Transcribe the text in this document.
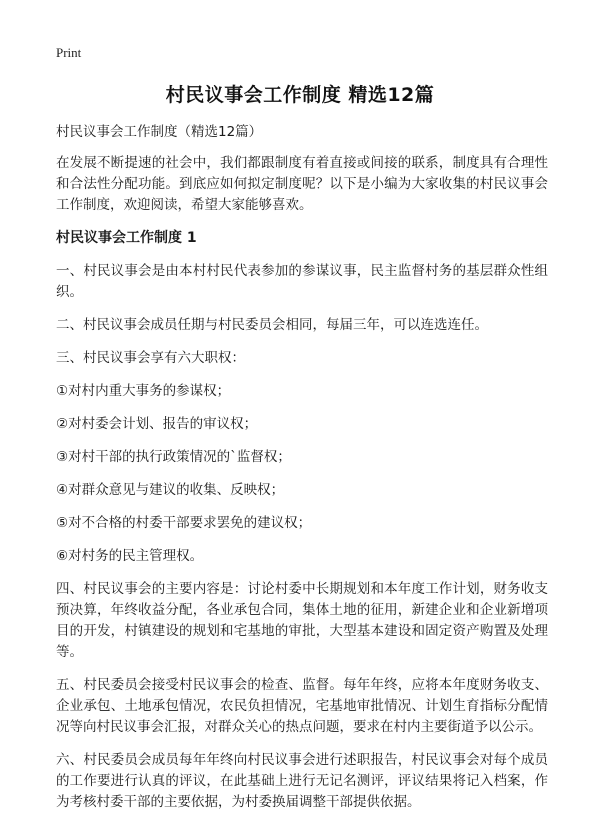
Print
村民议事会工作制度 精选12篇

村民议事会工作制度（精选12篇）

在发展不断提速的社会中，我们都跟制度有着直接或间接的联系，制度具有合理性和合法性分配功能。到底应如何拟定制度呢？以下是小编为大家收集的村民议事会工作制度，欢迎阅读，希望大家能够喜欢。

村民议事会工作制度 1

一、村民议事会是由本村村民代表参加的参谋议事，民主监督村务的基层群众性组织。

二、村民议事会成员任期与村民委员会相同，每届三年，可以连选连任。

三、村民议事会享有六大职权：

①对村内重大事务的参谋权；

②对村委会计划、报告的审议权；

③对村干部的执行政策情况的`监督权；

④对群众意见与建议的收集、反映权；

⑤对不合格的村委干部要求罢免的建议权；

⑥对村务的民主管理权。

四、村民议事会的主要内容是：讨论村委中长期规划和本年度工作计划，财务收支预决算，年终收益分配，各业承包合同，集体土地的征用，新建企业和企业新增项目的开发，村镇建设的规划和宅基地的审批，大型基本建设和固定资产购置及处理等。

五、村民委员会接受村民议事会的检查、监督。每年年终，应将本年度财务收支、企业承包、土地承包情况，农民负担情况，宅基地审批情况、计划生育指标分配情况等向村民议事会汇报，对群众关心的热点问题，要求在村内主要街道予以公示。

六、村民委员会成员每年年终向村民议事会进行述职报告，村民议事会对每个成员的工作要进行认真的评议，在此基础上进行无记名测评，评议结果将记入档案，作为考核村委干部的主要依据，为村委换届调整干部提供依据。
